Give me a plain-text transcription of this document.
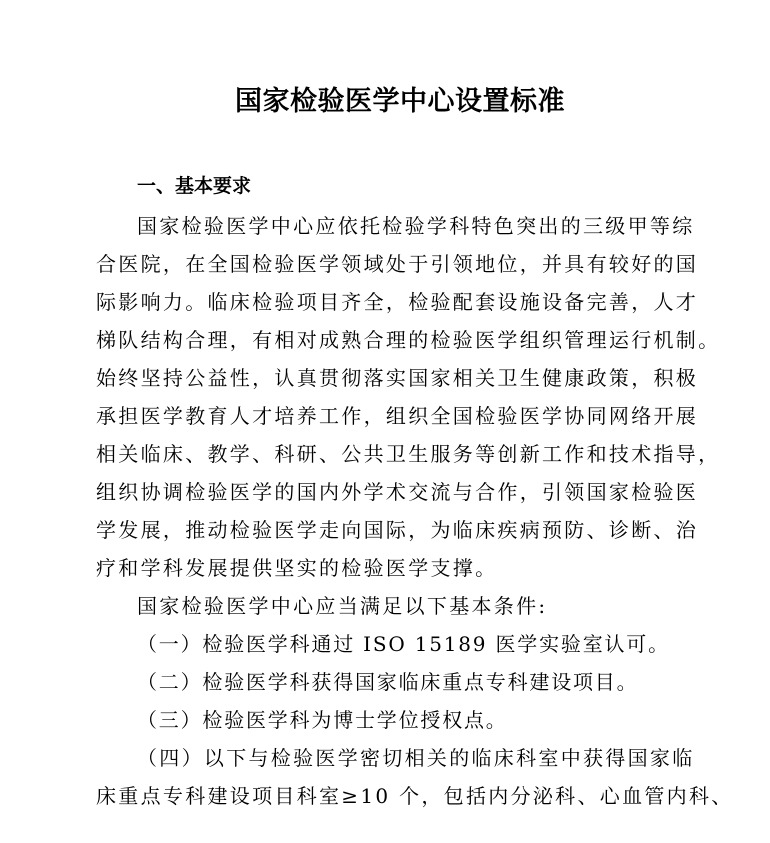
国家检验医学中心设置标准
一、基本要求
国家检验医学中心应依托检验学科特色突出的三级甲等综
合医院，在全国检验医学领域处于引领地位，并具有较好的国
际影响力。临床检验项目齐全，检验配套设施设备完善，人才
梯队结构合理，有相对成熟合理的检验医学组织管理运行机制。
始终坚持公益性，认真贯彻落实国家相关卫生健康政策，积极
承担医学教育人才培养工作，组织全国检验医学协同网络开展
相关临床、教学、科研、公共卫生服务等创新工作和技术指导，
组织协调检验医学的国内外学术交流与合作，引领国家检验医
学发展，推动检验医学走向国际，为临床疾病预防、诊断、治
疗和学科发展提供坚实的检验医学支撑。
国家检验医学中心应当满足以下基本条件:
（一）检验医学科通过 ISO 15189 医学实验室认可。
（二）检验医学科获得国家临床重点专科建设项目。
（三）检验医学科为博士学位授权点。
（四）以下与检验医学密切相关的临床科室中获得国家临
床重点专科建设项目科室≥10 个，包括内分泌科、心血管内科、
